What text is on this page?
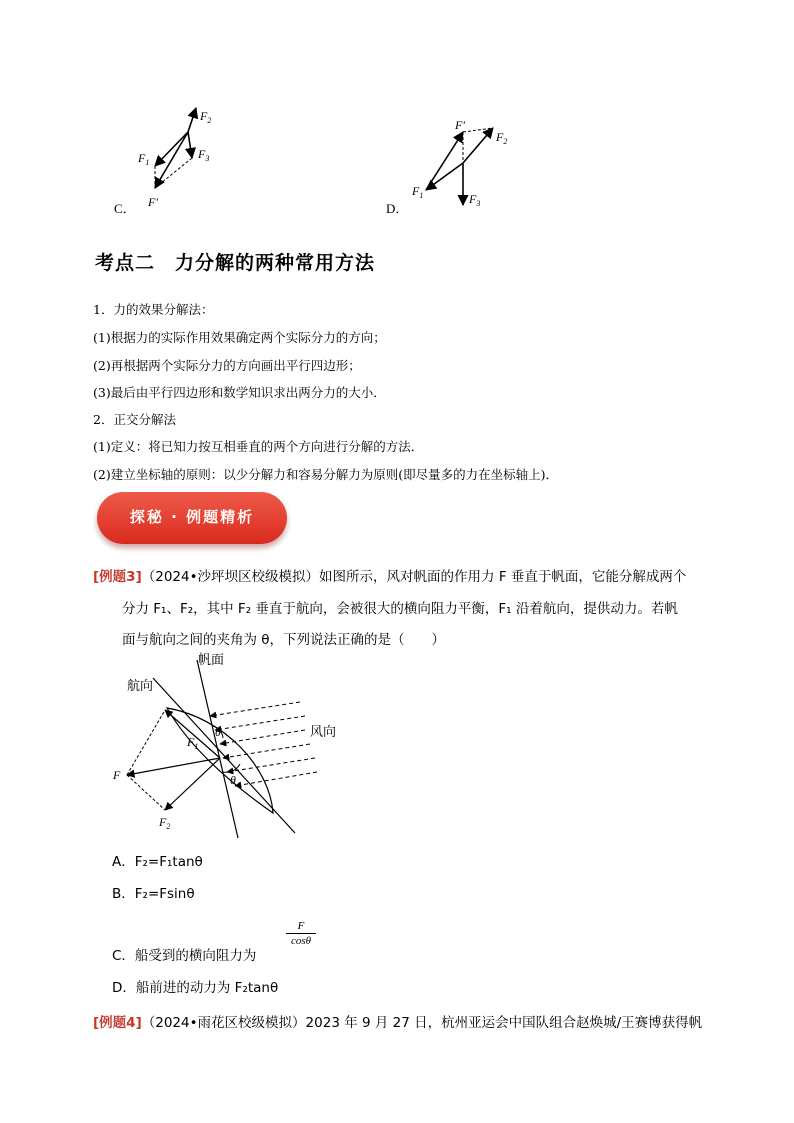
$F_2$
$F_1$
$F_3$
F′
C．
F′
$F_2$
$F_1$	$F_3$
D．
考点二　力分解的两种常用方法
1．力的效果分解法：
(1)根据力的实际作用效果确定两个实际分力的方向；
(2)再根据两个实际分力的方向画出平行四边形；
(3)最后由平行四边形和数学知识求出两分力的大小．
2．正交分解法
(1)定义：将已知力按互相垂直的两个方向进行分解的方法．
(2)建立坐标轴的原则：以少分解力和容易分解力为原则(即尽量多的力在坐标轴上)．
探秘 · 例题精析
[例题3]（2024•沙坪坝区校级模拟）如图所示，风对帆面的作用力 F 垂直于帆面，它能分解成两个
分力 F₁、F₂，其中 F₂ 垂直于航向，会被很大的横向阻力平衡，F₁ 沿着航向，提供动力。若帆
面与航向之间的夹角为 θ，下列说法正确的是（　　）
航向
帆面
风向
F
$F_1$
$F_2$
θ
θ
A．F₂=F₁tanθ
B．F₂=Fsinθ
C．船受到的横向阻力为
F
cosθ
D．船前进的动力为 F₂tanθ
[例题4]（2024•雨花区校级模拟）2023 年 9 月 27 日，杭州亚运会中国队组合赵焕城/王赛博获得帆
